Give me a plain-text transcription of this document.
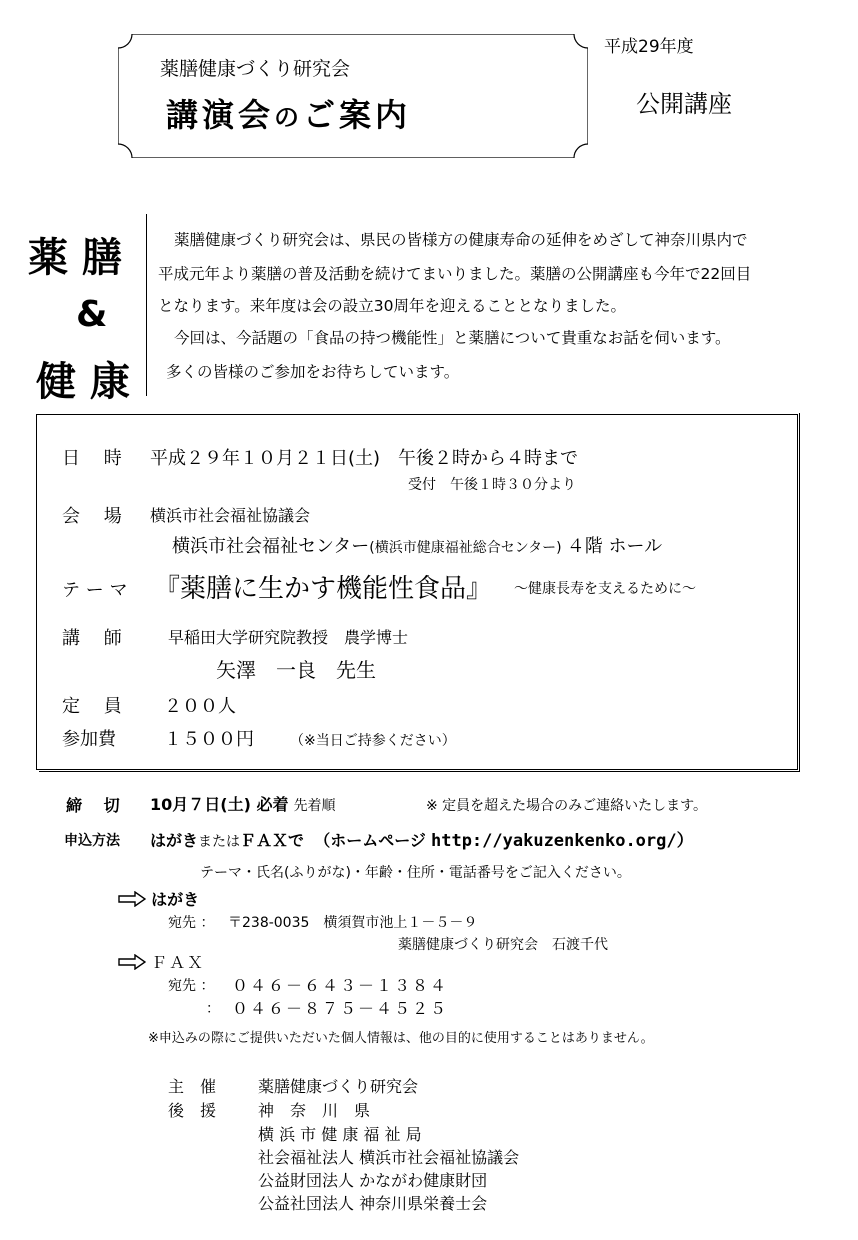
薬膳健康づくり研究会
講演会のご案内
平成29年度
公開講座
薬 膳
&
健 康
薬膳健康づくり研究会は、県民の皆様方の健康寿命の延伸をめざして神奈川県内で
平成元年より薬膳の普及活動を続けてまいりました。薬膳の公開講座も今年で22回目
となります。来年度は会の設立30周年を迎えることとなりました。
今回は、今話題の「食品の持つ機能性」と薬膳について貴重なお話を伺います。
多くの皆様のご参加をお待ちしています。
日　 時 平成２９年１０月２１日(土)　午後２時から４時まで
受付　午後１時３０分より
会　 場 横浜市社会福祉協議会
横浜市社会福祉センター(横浜市健康福祉総合センター) ４階 ホール
テ ー マ 『薬膳に生かす機能性食品』 ～健康長寿を支えるために～
講　 師	早稲田大学研究院教授　農学博士
矢澤　一良　先生
定　 員 ２００人
参加費	１５００円	（※当日ご持参ください）
締　 切 10月７日(土) 必着 先着順	※ 定員を超えた場合のみご連絡いたします。
申込方法 はがきまたはＦＡＸで （ホームページ http://yakuzenkenko.org/）
テーマ・氏名(ふりがな)・年齢・住所・電話番号をご記入ください。
はがき
宛先 ： 〒238-0035　横須賀市池上１－５－９
薬膳健康づくり研究会　石渡千代
ＦＡＸ
宛先 ： ０４６－６４３－１３８４
： ０４６－８７５－４５２５
※申込みの際にご提供いただいた個人情報は、他の目的に使用することはありません。
主　催	薬膳健康づくり研究会
後　援	神　奈　川　県
横 浜 市 健 康 福 祉 局
社会福祉法人 横浜市社会福祉協議会
公益財団法人 かながわ健康財団
公益社団法人 神奈川県栄養士会
